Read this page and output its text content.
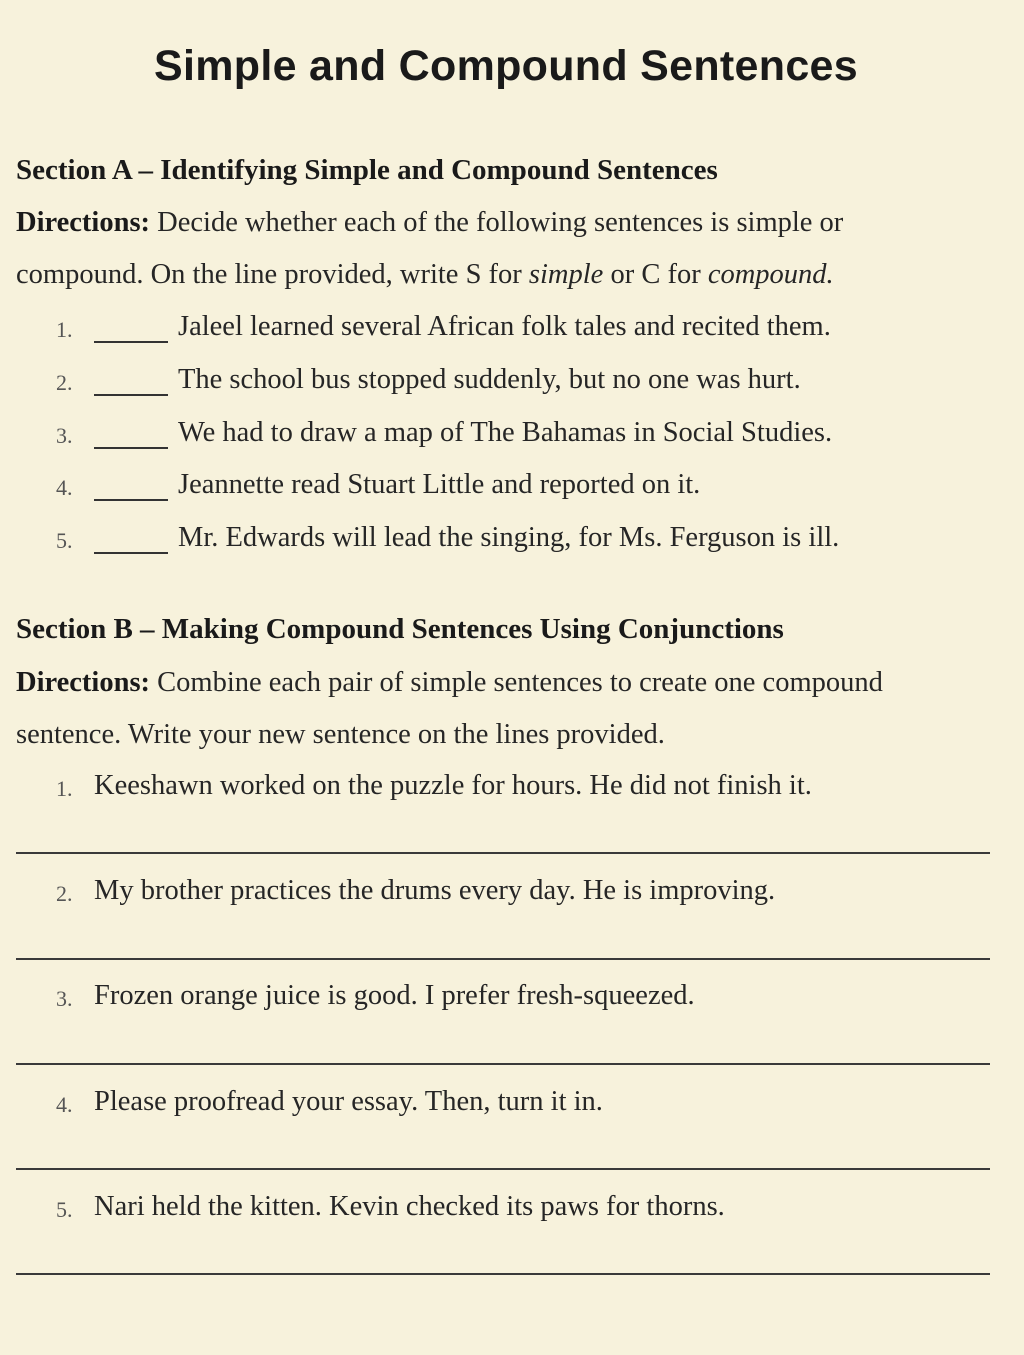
Simple and Compound Sentences
Section A – Identifying Simple and Compound Sentences
Directions: Decide whether each of the following sentences is simple or compound. On the line provided, write S for simple or C for compound.
1.	Jaleel learned several African folk tales and recited them.
2.	The school bus stopped suddenly, but no one was hurt.
3.	We had to draw a map of The Bahamas in Social Studies.
4.	Jeannette read Stuart Little and reported on it.
5.	Mr. Edwards will lead the singing, for Ms. Ferguson is ill.
Section B – Making Compound Sentences Using Conjunctions
Directions: Combine each pair of simple sentences to create one compound sentence. Write your new sentence on the lines provided.
1. Keeshawn worked on the puzzle for hours. He did not finish it.
2. My brother practices the drums every day. He is improving.
3. Frozen orange juice is good. I prefer fresh-squeezed.
4. Please proofread your essay. Then, turn it in.
5. Nari held the kitten. Kevin checked its paws for thorns.
